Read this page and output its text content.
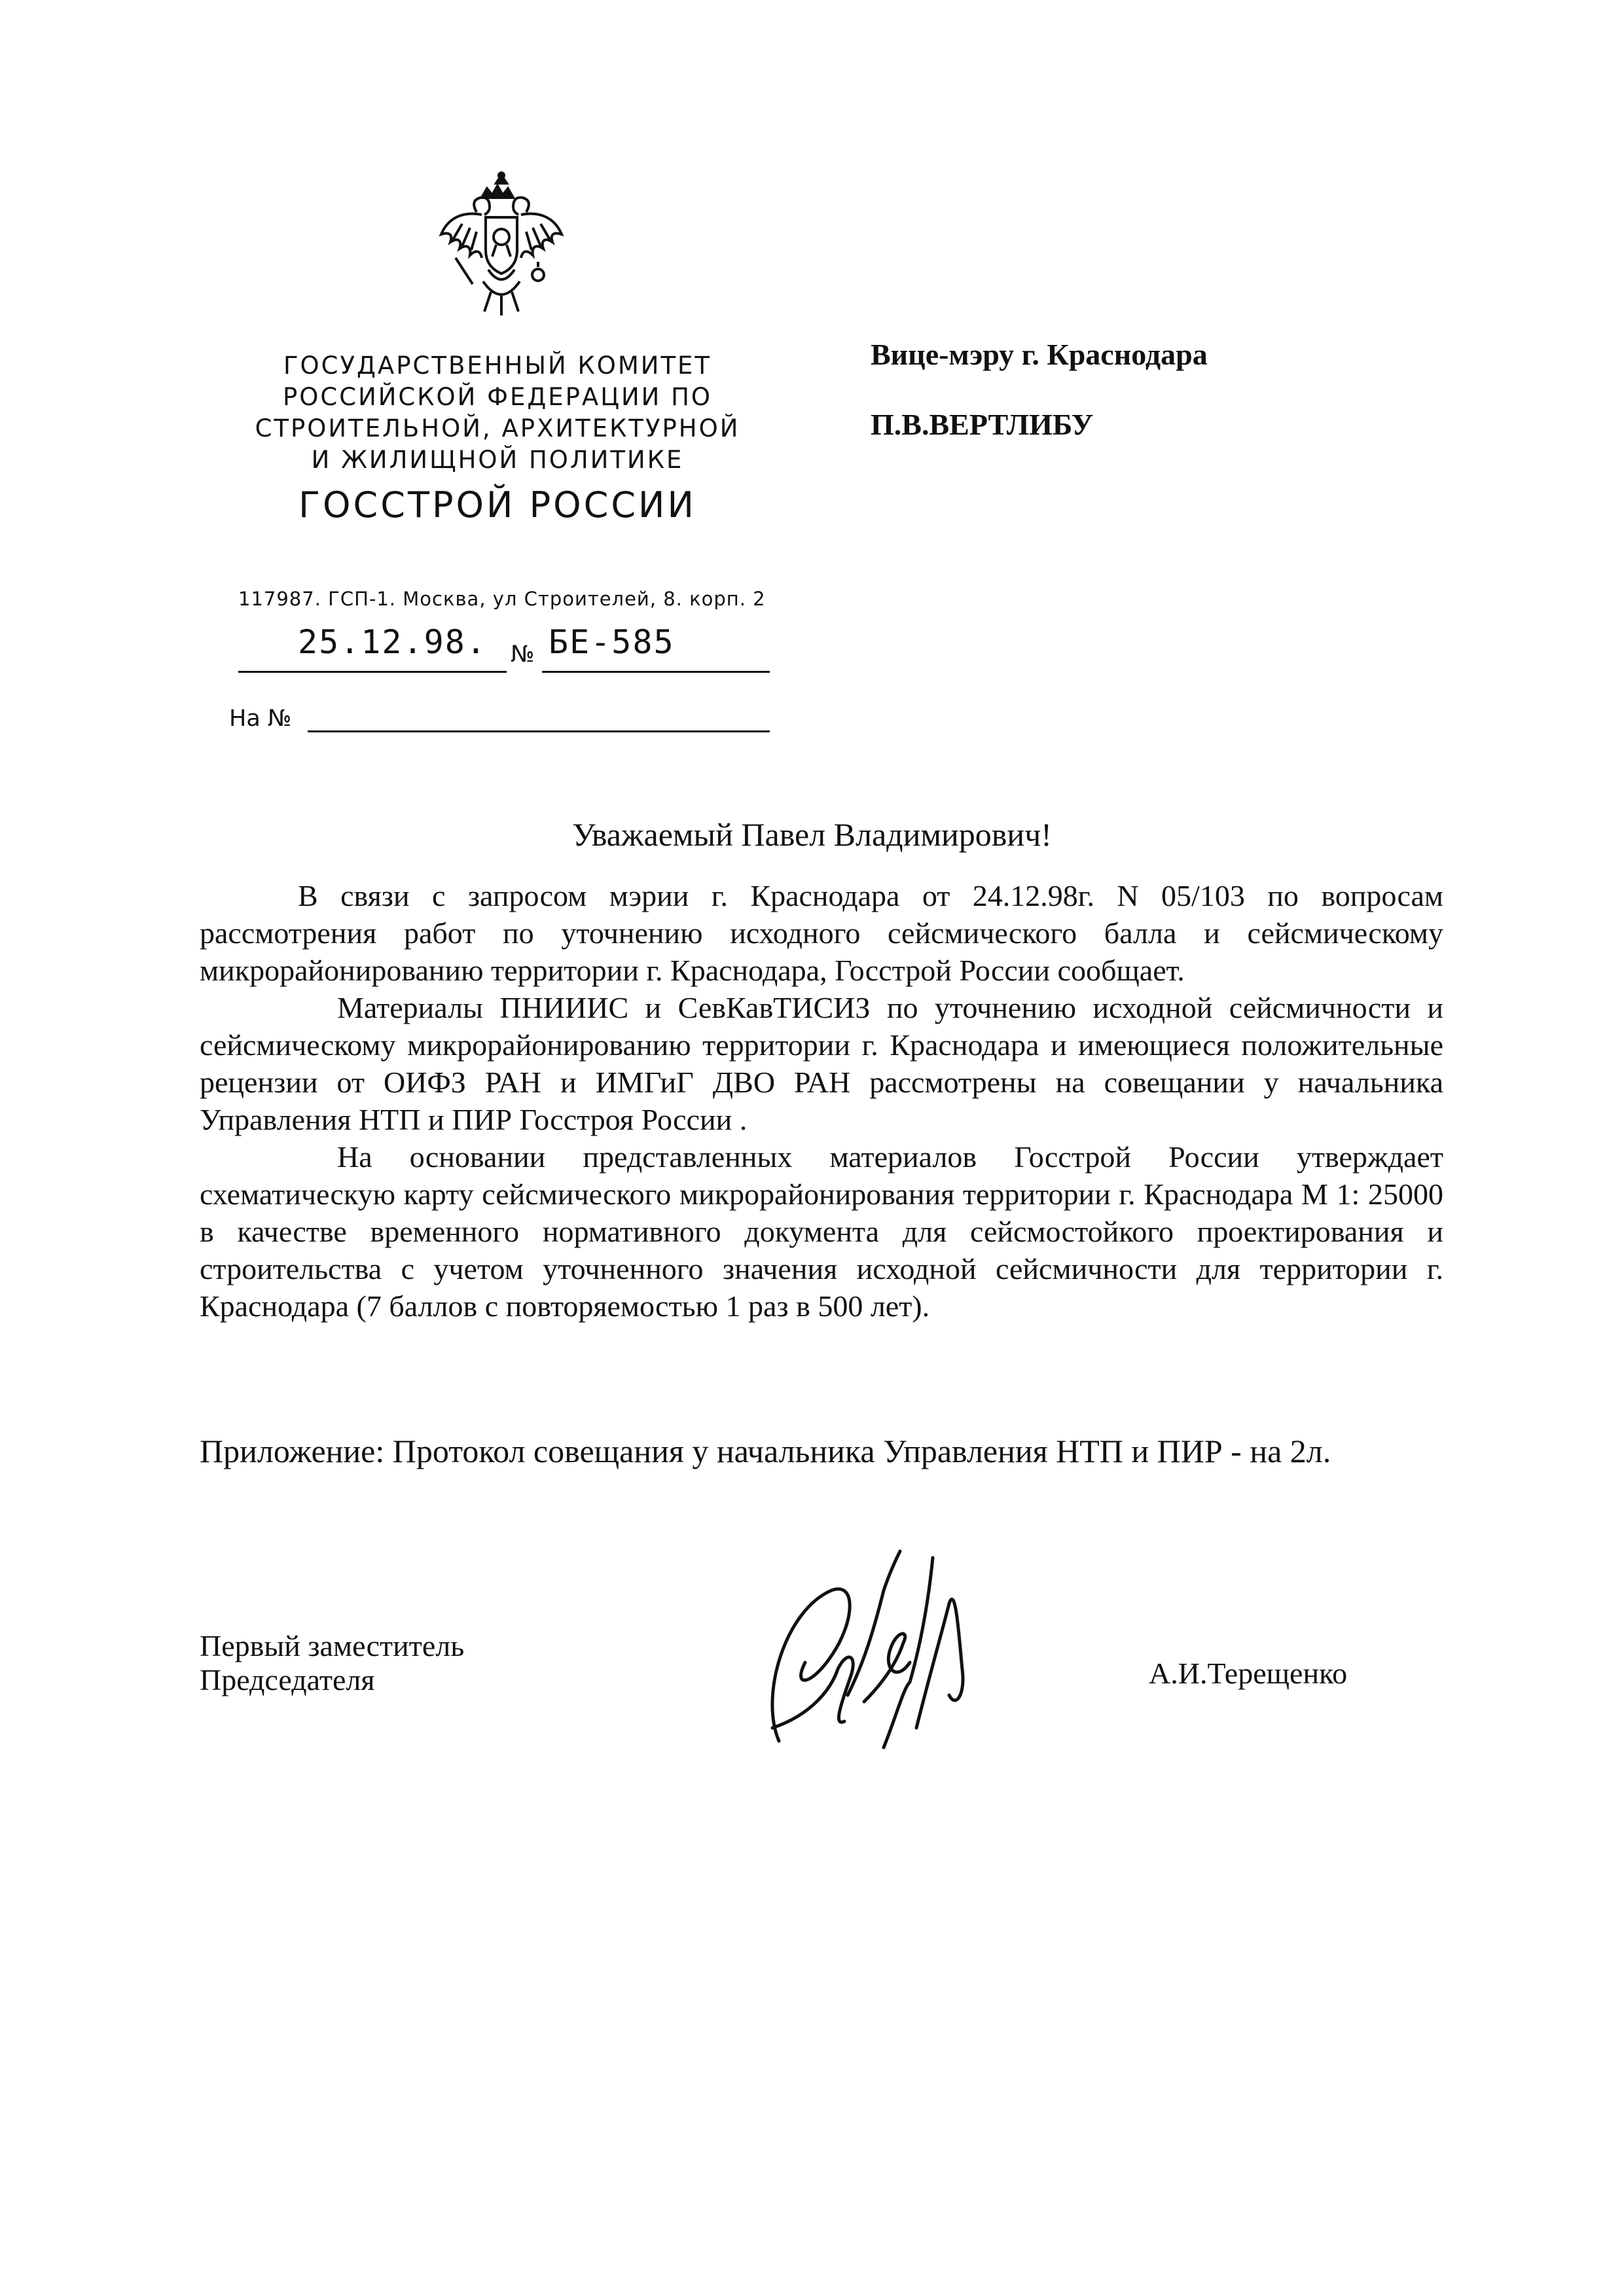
ГОСУДАРСТВЕННЫЙ КОМИТЕТ
РОССИЙСКОЙ ФЕДЕРАЦИИ ПО
СТРОИТЕЛЬНОЙ, АРХИТЕКТУРНОЙ
И ЖИЛИЩНОЙ ПОЛИТИКЕ
ГОССТРОЙ РОССИИ
117987. ГСП-1. Москва, ул Строителей, 8. корп. 2
25.12.98. № БЕ-585
На №
Вице-мэру г. Краснодара
П.В.ВЕРТЛИБУ
Уважаемый Павел Владимирович!

В связи с запросом мэрии г. Краснодара от 24.12.98г. N 05/103 по вопросам рассмотрения работ по уточнению исходного сейсмического балла и сейсмическому микрорайонированию территории г. Краснодара, Госстрой России сообщает.

Материалы ПНИИИС и СевКавТИСИЗ по уточнению исходной сейсмичности и сейсмическому микрорайонированию территории г. Краснодара и имеющиеся положительные рецензии от ОИФЗ РАН и ИМГиГ ДВО РАН рассмотрены на совещании у начальника Управления НТП и ПИР Госстроя России .

На основании представленных материалов Госстрой России утверждает схематическую карту сейсмического микрорайонирования территории г. Краснодара М 1: 25000 в качестве временного нормативного документа для сейсмостойкого проектирования и строительства с учетом уточненного значения исходной сейсмичности для территории г. Краснодара (7 баллов с повторяемостью 1 раз в 500 лет).

Приложение: Протокол совещания у начальника Управления НТП и ПИР - на 2л.
Первый заместитель
Председателя	А.И.Терещенко
